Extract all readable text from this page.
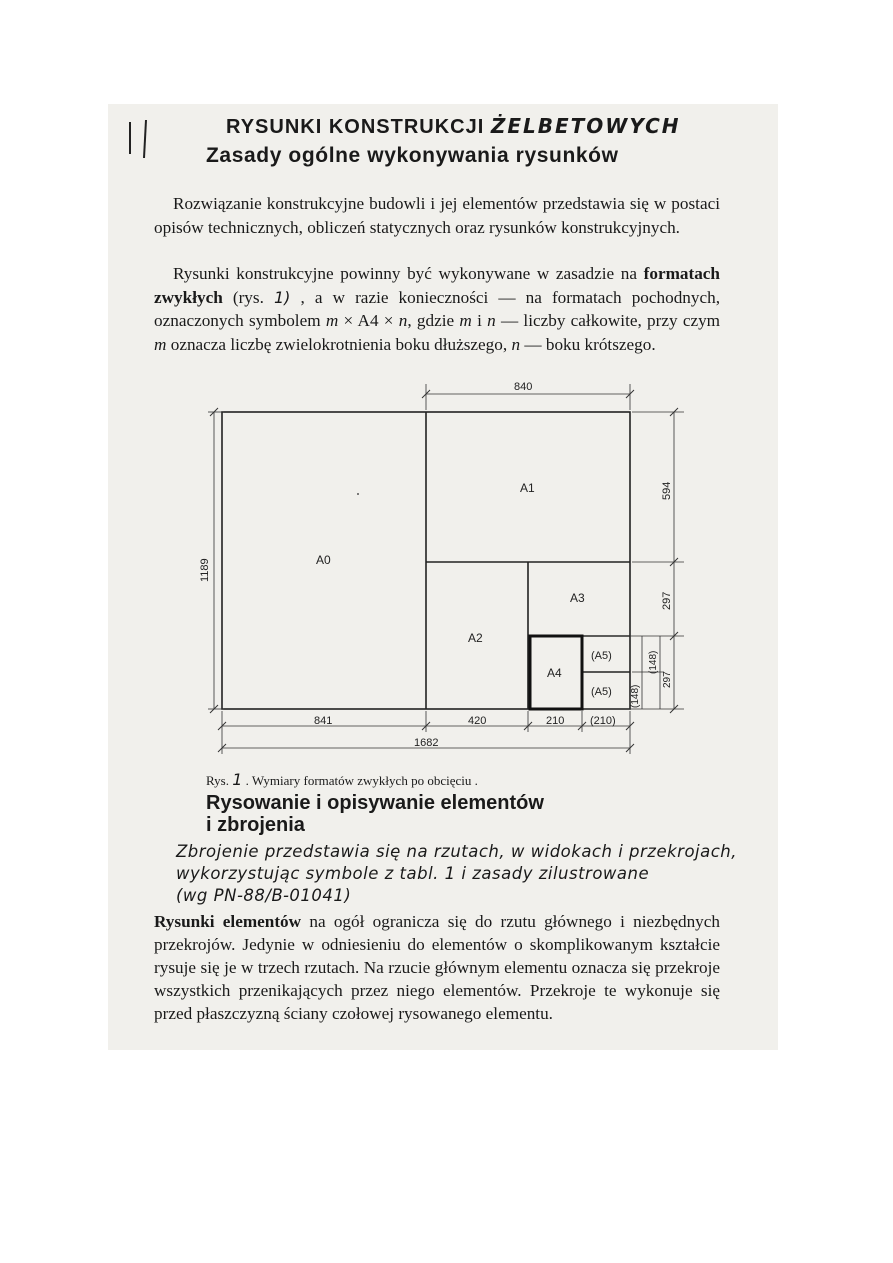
RYSUNKI KONSTRUKCJI ŻELBETOWYCH
Zasady ogólne wykonywania rysunków

Rozwiązanie konstrukcyjne budowli i jej elementów przedstawia się w postaci opisów technicznych, obliczeń statycznych oraz rysunków konstrukcyjnych.

Rysunki konstrukcyjne powinny być wykonywane w zasadzie na formatach zwykłych (rys. 1) , a w razie konieczności — na formatach pochodnych, oznaczonych symbolem m × A4 × n, gdzie m i n — liczby całkowite, przy czym m oznacza liczbę zwielokrotnienia boku dłuższego, n — boku krótszego.

A0
A1
A2
A3
A4
(A5)
(A5)
840
1189
594
297
(148)
(148)
297
841	420	210 (210)
1682
Rys. 1 . Wymiary formatów zwykłych po obcięciu .
Rysowanie i opisywanie elementów
i zbrojenia
Zbrojenie przedstawia się na rzutach, w widokach i przekrojach,
wykorzystując symbole z tabl. 1 i zasady zilustrowane
(wg PN-88/B-01041)

Rysunki elementów na ogół ogranicza się do rzutu głównego i niezbędnych przekrojów. Jedynie w odniesieniu do elementów o skomplikowanym kształcie rysuje się je w trzech rzutach. Na rzucie głównym elementu oznacza się przekroje wszystkich przenikających przez niego elementów. Przekroje te wykonuje się przed płaszczyzną ściany czołowej rysowanego elementu.
